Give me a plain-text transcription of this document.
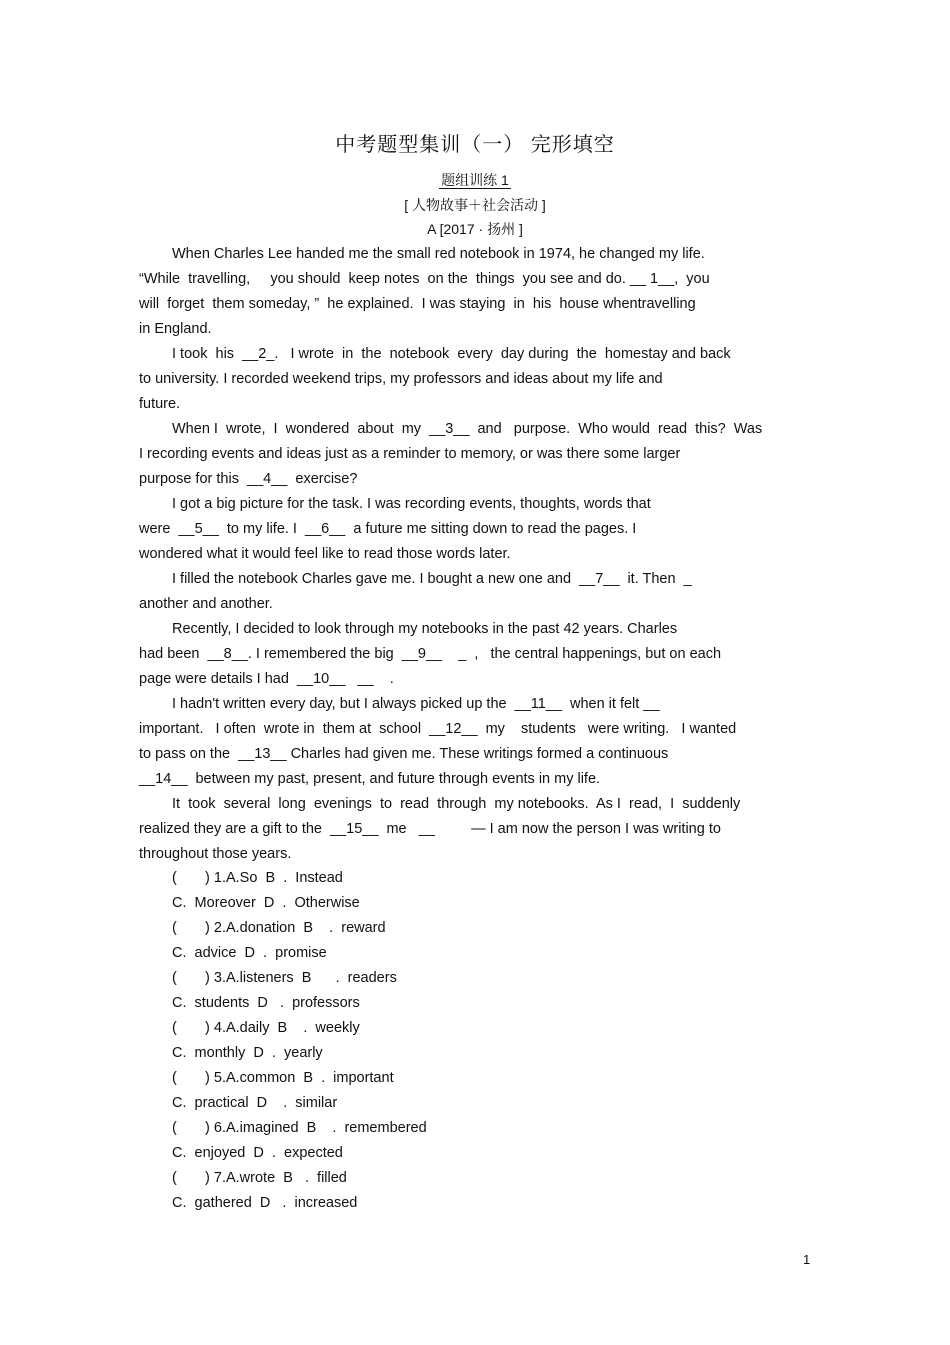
中考题型集训（一） 完形填空
题组训练 1
[ 人物故事＋社会活动 ]
A [2017 · 扬州 ]
When Charles Lee handed me the small red notebook in 1974, he changed my life.
“While  travelling,     you should  keep notes  on the  things  you see and do. __ 1__,  you
will  forget  them someday, ”  he explained.  I was staying  in  his  house whentravelling
in England.
I took  his  __2_.   I wrote  in  the  notebook  every  day during  the  homestay and back
to university. I recorded weekend trips, my professors and ideas about my life and
future.
When I  wrote,  I  wondered  about  my  __3__  and   purpose.  Who would  read  this?  Was
I recording events and ideas just as a reminder to memory, or was there some larger
purpose for this  __4__  exercise?
I got a big picture for the task. I was recording events, thoughts, words that
were  __5__  to my life. I  __6__  a future me sitting down to read the pages. I
wondered what it would feel like to read those words later.
I filled the notebook Charles gave me. I bought a new one and  __7__  it. Then  _
another and another.
Recently, I decided to look through my notebooks in the past 42 years. Charles
had been  __8__. I remembered the big  __9__    _  ,   the central happenings, but on each
page were details I had  __10__   __    .
I hadn't written every day, but I always picked up the  __11__  when it felt __
important.   I often  wrote in  them at  school  __12__  my    students   were writing.   I wanted
to pass on the  __13__ Charles had given me. These writings formed a continuous
__14__  between my past, present, and future through events in my life.
It  took  several  long  evenings  to  read  through  my notebooks.  As I  read,  I  suddenly
realized they are a gift to the  __15__  me   __         — I am now the person I was writing to
throughout those years.
(       ) 1.A.So  B  .  Instead
C.  Moreover  D  .  Otherwise
(       ) 2.A.donation  B    .  reward
C.  advice  D  .  promise
(       ) 3.A.listeners  B      .  readers
C.  students  D   .  professors
(       ) 4.A.daily  B    .  weekly
C.  monthly  D  .  yearly
(       ) 5.A.common  B  .  important
C.  practical  D    .  similar
(       ) 6.A.imagined  B    .  remembered
C.  enjoyed  D  .  expected
(       ) 7.A.wrote  B   .  filled
C.  gathered  D   .  increased
1
